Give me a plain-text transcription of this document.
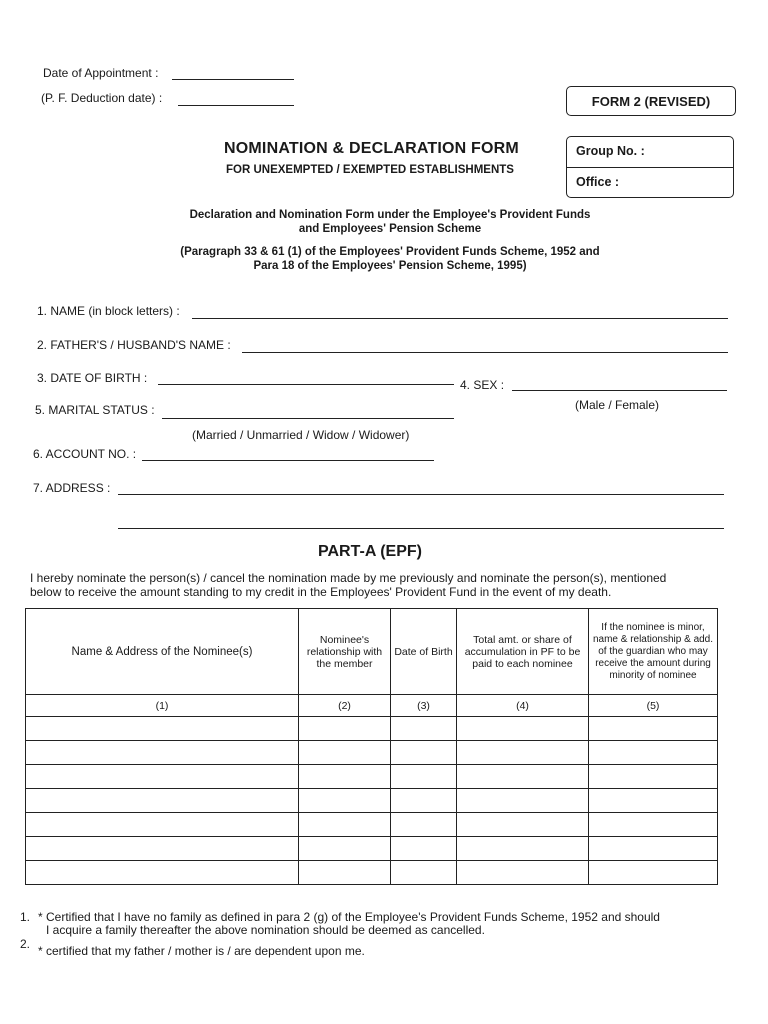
Date of Appointment :
(P. F. Deduction date) :	FORM 2 (REVISED)
NOMINATION & DECLARATION FORM
FOR UNEXEMPTED / EXEMPTED ESTABLISHMENTS
Group No. :
Office :
Declaration and Nomination Form under the Employee's Provident Funds
and Employees' Pension Scheme
(Paragraph 33 & 61 (1) of the Employees' Provident Funds Scheme, 1952 and
Para 18 of the Employees' Pension Scheme, 1995)
1. NAME (in block letters) :
2. FATHER'S / HUSBAND'S NAME :
3. DATE OF BIRTH :	4. SEX :
(Male / Female)
5. MARITAL STATUS :
(Married / Unmarried / Widow / Widower)
6. ACCOUNT NO. :
7. ADDRESS :
PART-A (EPF)
I hereby nominate the person(s) / cancel the nomination made by me previously and nominate the person(s), mentioned
below to receive the amount standing to my credit in the Employees' Provident Fund in the event of my death.
Name & Address of the Nominee(s)	Nominee's relationship with the member	Date of Birth	Total amt. or share of accumulation in PF to be paid to each nominee	If the nominee is minor, name & relationship & add. of the guardian who may receive the amount during minority of nominee
(1)	(2)	(3)	(4)	(5)

1. * Certified that I have no family as defined in para 2 (g) of the Employee's Provident Funds Scheme, 1952 and should
I acquire a family thereafter the above nomination should be deemed as cancelled.
2. * certified that my father / mother is / are dependent upon me.
